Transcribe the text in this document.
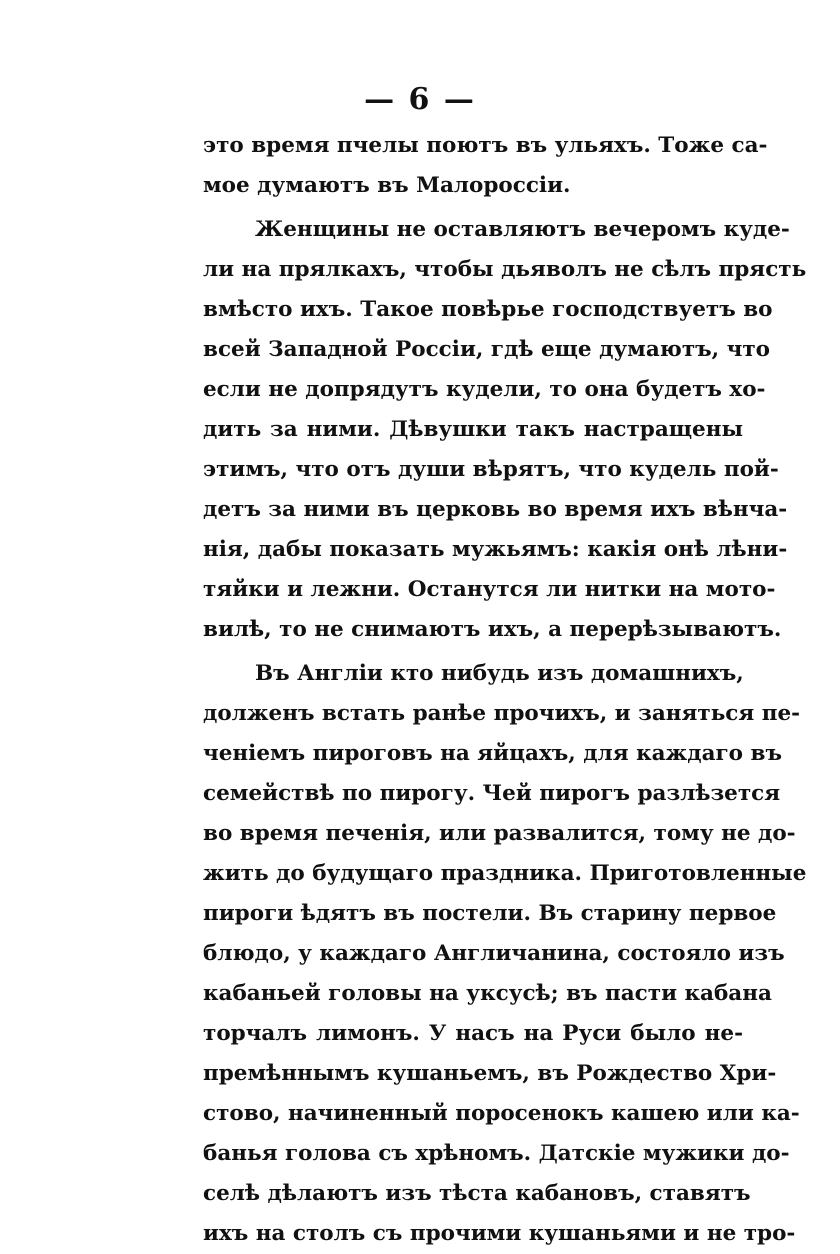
— 6 —
это время пчелы поютъ въ ульяхъ. Тоже са-
мое думаютъ въ Малороссіи.
Женщины не оставляютъ вечеромъ куде-
ли на прялкахъ, чтобы дьяволъ не сѣлъ прясть
вмѣсто ихъ. Такое повѣрье господствуетъ во
всей Западной Россіи, гдѣ еще думаютъ, что
если не допрядутъ кудели, то она будетъ хо-
дить за ними. Дѣвушки такъ настращены
этимъ, что отъ души вѣрятъ, что кудель пой-
детъ за ними въ церковь во время ихъ вѣнча-
нія, дабы показать мужьямъ: какія онѣ лѣни-
тяйки и лежни. Останутся ли нитки на мото-
вилѣ, то не снимаютъ ихъ, а перерѣзываютъ.
Въ Англіи кто нибудь изъ домашнихъ,
долженъ встать ранѣе прочихъ, и заняться пе-
ченіемъ пироговъ на яйцахъ, для каждаго въ
семействѣ по пирогу. Чей пирогъ разлѣзется
во время печенія, или развалится, тому не до-
жить до будущаго праздника. Приготовленные
пироги ѣдятъ въ постели. Въ старину первое
блюдо, у каждаго Англичанина, состояло изъ
кабаньей головы на уксусѣ; въ пасти кабана
торчалъ лимонъ. У насъ на Руси было не-
премѣннымъ кушаньемъ, въ Рождество Хри-
стово, начиненный поросенокъ кашею или ка-
банья голова съ хрѣномъ. Датскіе мужики до-
селѣ дѣлаютъ изъ тѣста кабановъ, ставятъ
ихъ на столъ съ прочими кушаньями и не тро-
